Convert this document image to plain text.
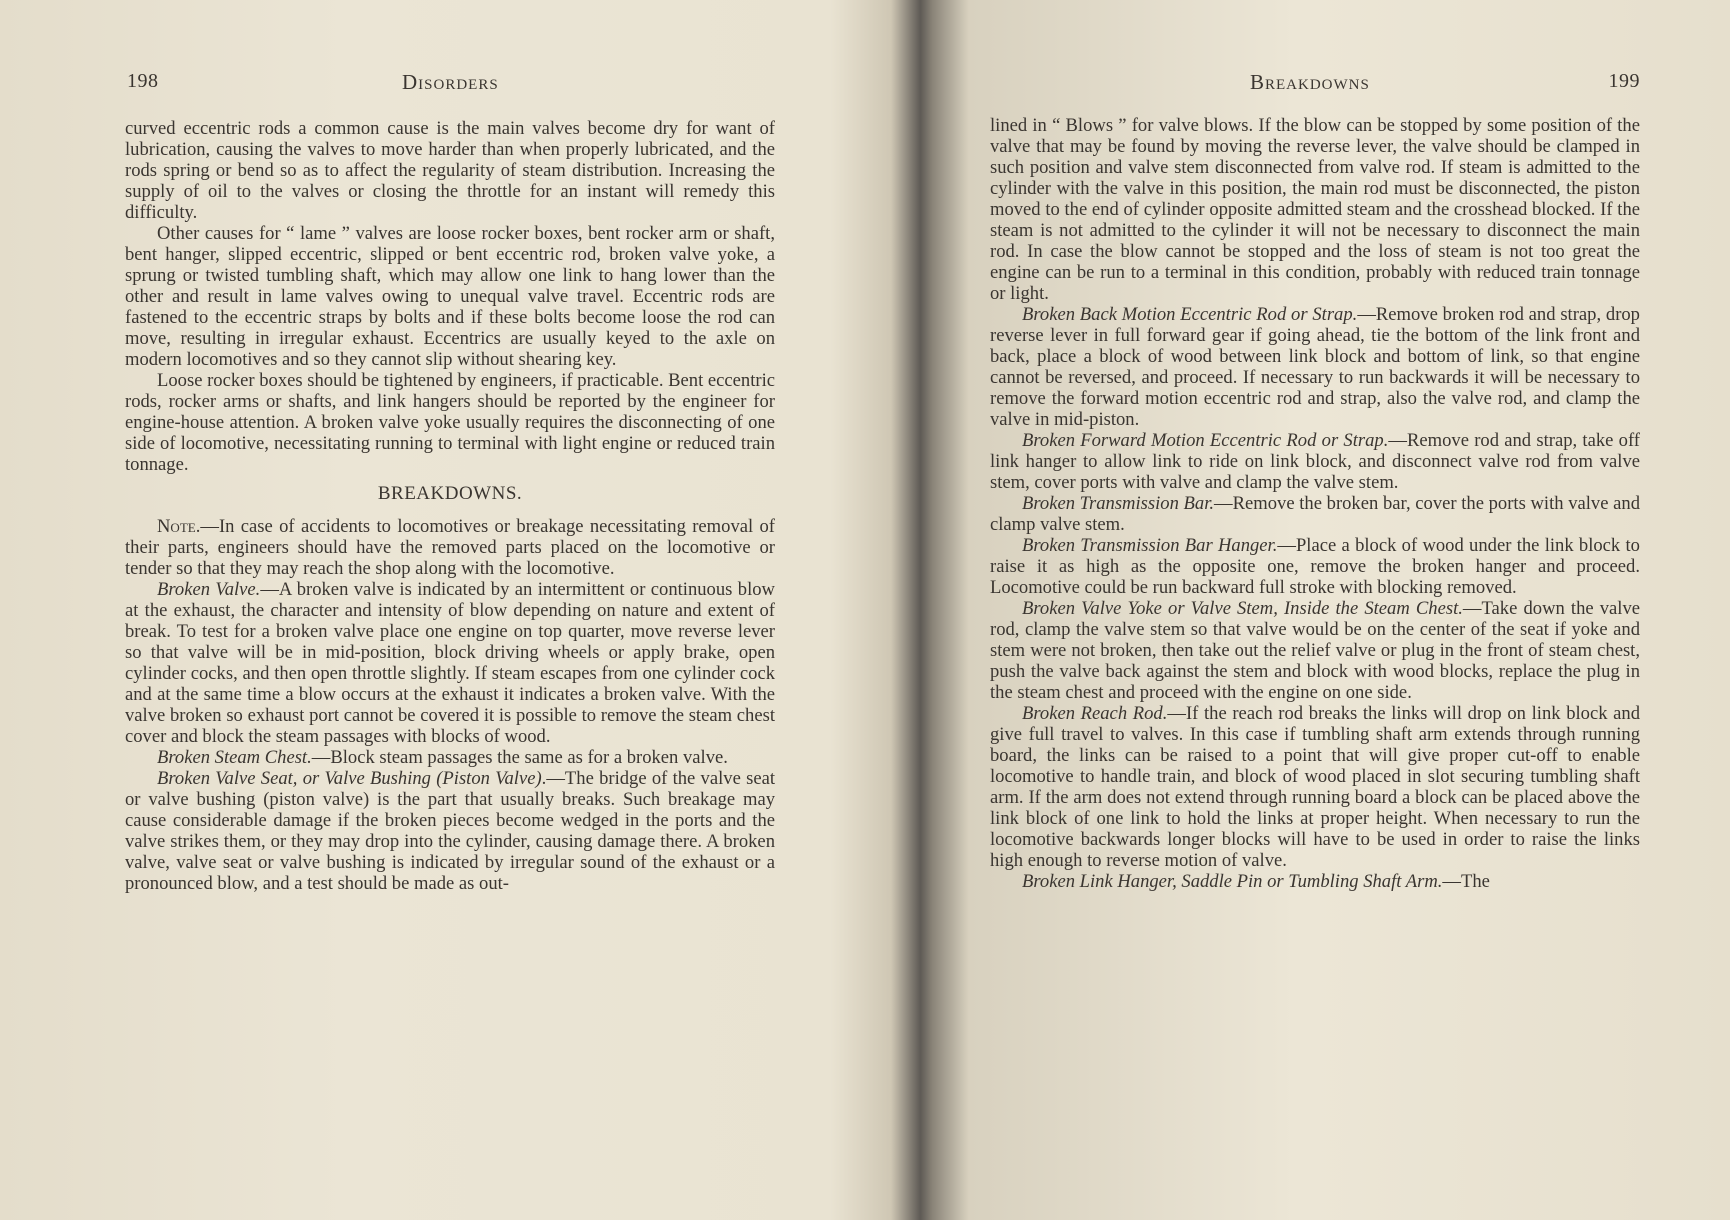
198	Disorders

curved eccentric rods a common cause is the main valves become dry for want of lubrication, causing the valves to move harder than when properly lubricated, and the rods spring or bend so as to affect the regularity of steam distribution. Increasing the supply of oil to the valves or closing the throttle for an instant will remedy this difficulty.

Other causes for “ lame ” valves are loose rocker boxes, bent rocker arm or shaft, bent hanger, slipped eccentric, slipped or bent eccentric rod, broken valve yoke, a sprung or twisted tumbling shaft, which may allow one link to hang lower than the other and result in lame valves owing to unequal valve travel. Eccentric rods are fastened to the eccentric straps by bolts and if these bolts become loose the rod can move, resulting in irregular exhaust. Eccentrics are usually keyed to the axle on modern locomotives and so they cannot slip without shearing key.

Loose rocker boxes should be tightened by engineers, if practicable. Bent eccentric rods, rocker arms or shafts, and link hangers should be reported by the engineer for engine-house attention. A broken valve yoke usually requires the disconnecting of one side of locomotive, necessitating running to terminal with light engine or reduced train tonnage.

BREAKDOWNS.

Note.—In case of accidents to locomotives or breakage necessitating removal of their parts, engineers should have the removed parts placed on the locomotive or tender so that they may reach the shop along with the locomotive.

Broken Valve.—A broken valve is indicated by an intermittent or continuous blow at the exhaust, the character and intensity of blow depending on nature and extent of break. To test for a broken valve place one engine on top quarter, move reverse lever so that valve will be in mid-position, block driving wheels or apply brake, open cylinder cocks, and then open throttle slightly. If steam escapes from one cylinder cock and at the same time a blow occurs at the exhaust it indicates a broken valve. With the valve broken so exhaust port cannot be covered it is possible to remove the steam chest cover and block the steam passages with blocks of wood.

Broken Steam Chest.—Block steam passages the same as for a broken valve.

Broken Valve Seat, or Valve Bushing (Piston Valve).—The bridge of the valve seat or valve bushing (piston valve) is the part that usually breaks. Such breakage may cause considerable damage if the broken pieces become wedged in the ports and the valve strikes them, or they may drop into the cylinder, causing damage there. A broken valve, valve seat or valve bushing is indicated by irregular sound of the exhaust or a pronounced blow, and a test should be made as out-

Breakdowns	199

lined in “ Blows ” for valve blows. If the blow can be stopped by some position of the valve that may be found by moving the reverse lever, the valve should be clamped in such position and valve stem disconnected from valve rod. If steam is admitted to the cylinder with the valve in this position, the main rod must be disconnected, the piston moved to the end of cylinder opposite admitted steam and the crosshead blocked. If the steam is not admitted to the cylinder it will not be necessary to disconnect the main rod. In case the blow cannot be stopped and the loss of steam is not too great the engine can be run to a terminal in this condition, probably with reduced train tonnage or light.

Broken Back Motion Eccentric Rod or Strap.—Remove broken rod and strap, drop reverse lever in full forward gear if going ahead, tie the bottom of the link front and back, place a block of wood between link block and bottom of link, so that engine cannot be reversed, and proceed. If necessary to run backwards it will be necessary to remove the forward motion eccentric rod and strap, also the valve rod, and clamp the valve in mid-piston.

Broken Forward Motion Eccentric Rod or Strap.—Remove rod and strap, take off link hanger to allow link to ride on link block, and disconnect valve rod from valve stem, cover ports with valve and clamp the valve stem.

Broken Transmission Bar.—Remove the broken bar, cover the ports with valve and clamp valve stem.

Broken Transmission Bar Hanger.—Place a block of wood under the link block to raise it as high as the opposite one, remove the broken hanger and proceed. Locomotive could be run backward full stroke with blocking removed.

Broken Valve Yoke or Valve Stem, Inside the Steam Chest.—Take down the valve rod, clamp the valve stem so that valve would be on the center of the seat if yoke and stem were not broken, then take out the relief valve or plug in the front of steam chest, push the valve back against the stem and block with wood blocks, replace the plug in the steam chest and proceed with the engine on one side.

Broken Reach Rod.—If the reach rod breaks the links will drop on link block and give full travel to valves. In this case if tumbling shaft arm extends through running board, the links can be raised to a point that will give proper cut-off to enable locomotive to handle train, and block of wood placed in slot securing tumbling shaft arm. If the arm does not extend through running board a block can be placed above the link block of one link to hold the links at proper height. When necessary to run the locomotive backwards longer blocks will have to be used in order to raise the links high enough to reverse motion of valve.

Broken Link Hanger, Saddle Pin or Tumbling Shaft Arm.—The
